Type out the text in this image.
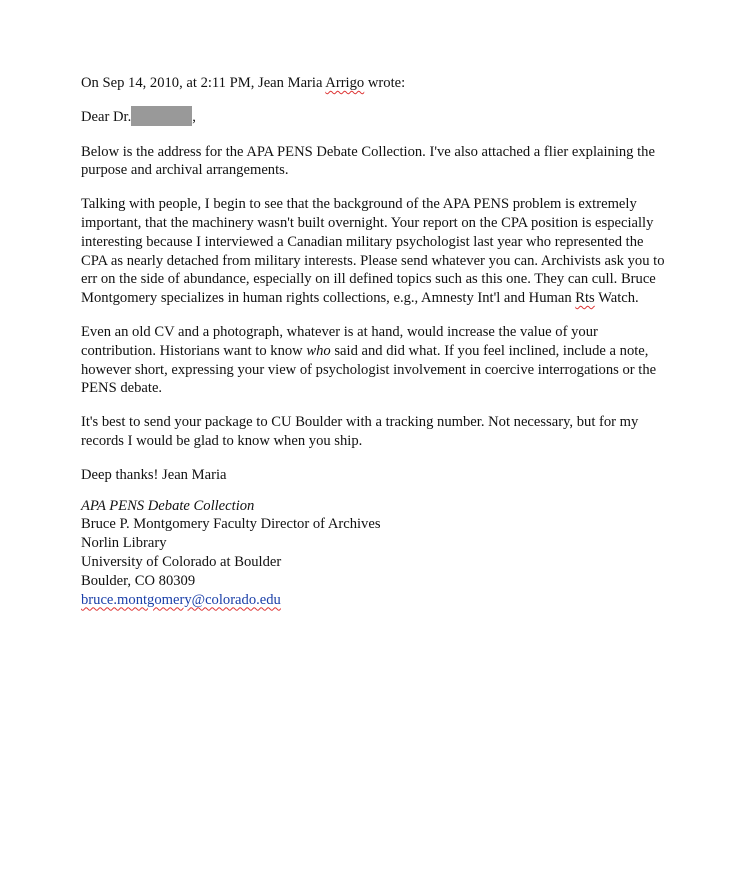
On Sep 14, 2010, at 2:11 PM, Jean Maria Arrigo wrote:

Dear Dr.	,

Below is the address for the APA PENS Debate Collection. I've also attached a flier explaining the purpose and archival arrangements.

Talking with people, I begin to see that the background of the APA PENS problem is extremely important, that the machinery wasn't built overnight. Your report on the CPA position is especially interesting because I interviewed a Canadian military psychologist last year who represented the CPA as nearly detached from military interests. Please send whatever you can. Archivists ask you to err on the side of abundance, especially on ill defined topics such as this one. They can cull. Bruce Montgomery specializes in human rights collections, e.g., Amnesty Int'l and Human Rts Watch.

Even an old CV and a photograph, whatever is at hand, would increase the value of your contribution. Historians want to know who said and did what. If you feel inclined, include a note, however short, expressing your view of psychologist involvement in coercive interrogations or the PENS debate.

It's best to send your package to CU Boulder with a tracking number. Not necessary, but for my records I would be glad to know when you ship.

Deep thanks! Jean Maria

APA PENS Debate Collection

Bruce P. Montgomery Faculty Director of Archives

Norlin Library

University of Colorado at Boulder

Boulder, CO 80309

bruce.montgomery@colorado.edu
